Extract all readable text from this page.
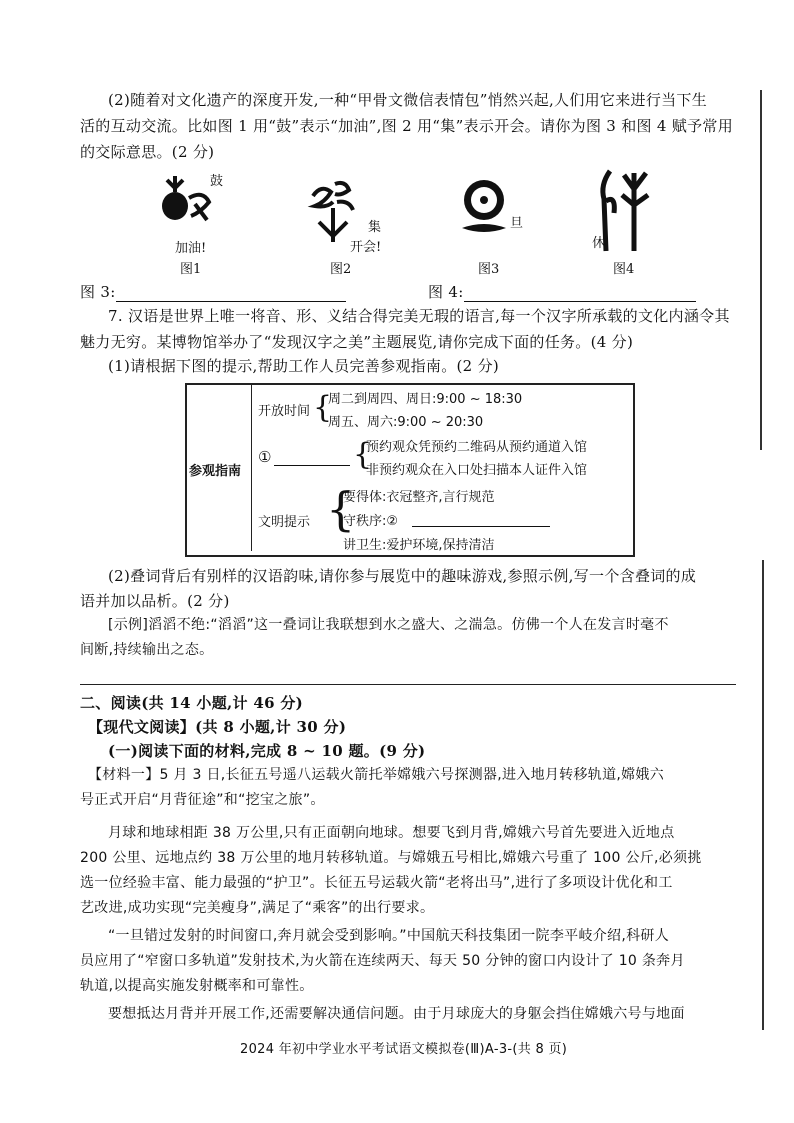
(2)随着对文化遗产的深度开发,一种“甲骨文微信表情包”悄然兴起,人们用它来进行当下生
活的互动交流。比如图 1 用“鼓”表示“加油”,图 2 用“集”表示开会。请你为图 3 和图 4 赋予常用
的交际意思。(2 分)
鼓
加油!
图1
集
开会!
图2
旦
图3
休
图4
图 3:	图 4:
7. 汉语是世界上唯一将音、形、义结合得完美无瑕的语言,每一个汉字所承载的文化内涵令其
魅力无穷。某博物馆举办了“发现汉字之美”主题展览,请你完成下面的任务。(4 分)
(1)请根据下图的提示,帮助工作人员完善参观指南。(2 分)
参观指南
开放时间 {
周二到周四、周日:9:00 ~ 18:30
周五、周六:9:00 ~ 20:30
①	{
预约观众凭预约二维码从预约通道入馆
非预约观众在入口处扫描本人证件入馆
文明提示 {
要得体:衣冠整齐,言行规范
守秩序:②
讲卫生:爱护环境,保持清洁
(2)叠词背后有别样的汉语韵味,请你参与展览中的趣味游戏,参照示例,写一个含叠词的成
语并加以品析。(2 分)
[示例]滔滔不绝:“滔滔”这一叠词让我联想到水之盛大、之湍急。仿佛一个人在发言时毫不
间断,持续输出之态。
二、阅读(共 14 小题,计 46 分)
【现代文阅读】(共 8 小题,计 30 分)
(一)阅读下面的材料,完成 8 ~ 10 题。(9 分)
【材料一】5 月 3 日,长征五号遥八运载火箭托举嫦娥六号探测器,进入地月转移轨道,嫦娥六
号正式开启“月背征途”和“挖宝之旅”。
月球和地球相距 38 万公里,只有正面朝向地球。想要飞到月背,嫦娥六号首先要进入近地点
200 公里、远地点约 38 万公里的地月转移轨道。与嫦娥五号相比,嫦娥六号重了 100 公斤,必须挑
选一位经验丰富、能力最强的“护卫”。长征五号运载火箭“老将出马”,进行了多项设计优化和工
艺改进,成功实现“完美瘦身”,满足了“乘客”的出行要求。
“一旦错过发射的时间窗口,奔月就会受到影响。”中国航天科技集团一院李平岐介绍,科研人
员应用了“窄窗口多轨道”发射技术,为火箭在连续两天、每天 50 分钟的窗口内设计了 10 条奔月
轨道,以提高实施发射概率和可靠性。
要想抵达月背并开展工作,还需要解决通信问题。由于月球庞大的身躯会挡住嫦娥六号与地面
2024 年初中学业水平考试语文模拟卷(Ⅲ)A-3-(共 8 页)
